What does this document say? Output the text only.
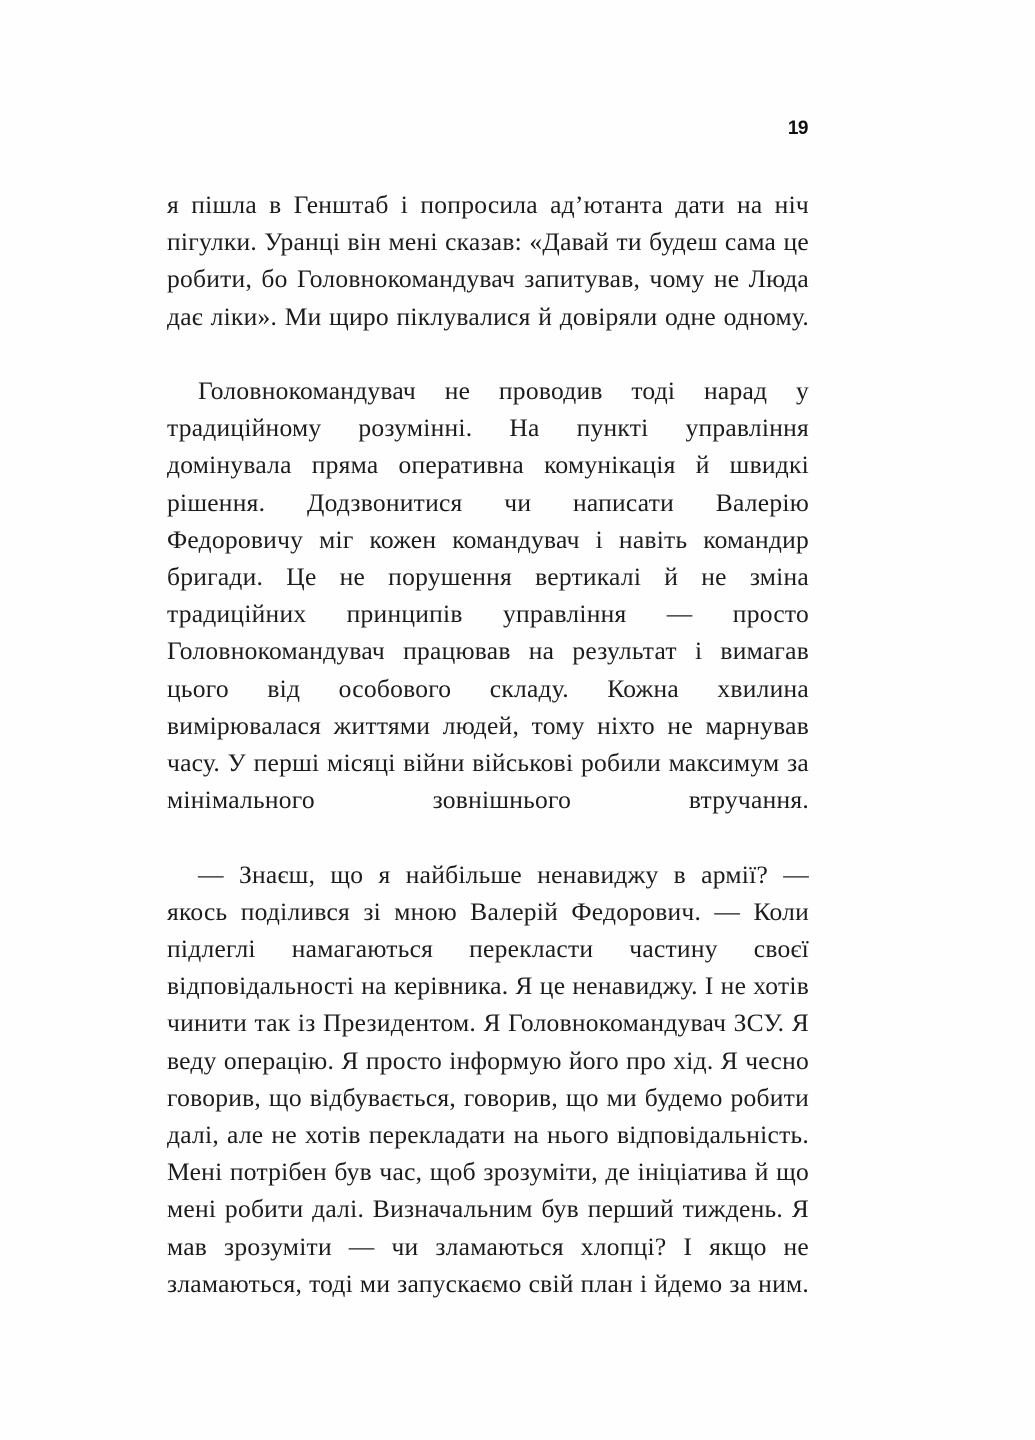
19

я пішла в Генштаб і попросила ад’ютанта дати на ніч пігулки. Уранці він мені сказав: «Давай ти будеш сама це робити, бо Головнокомандувач запитував, чому не Люда дає ліки». Ми щиро піклувалися й довіряли одне одному.

Головнокомандувач не проводив тоді нарад у традиційному розумінні. На пункті управління домінувала пряма оперативна комунікація й швидкі рішення. Додзвонитися чи написати Валерію Федоровичу міг кожен командувач і навіть командир бригади. Це не порушення вертикалі й не зміна традиційних принципів управління — просто Головнокомандувач працював на результат і вимагав цього від особового складу. Кожна хвилина вимірювалася життями людей, тому ніхто не марнував часу. У перші місяці війни військові робили максимум за мінімального зовнішнього втручання.

— Знаєш, що я найбільше ненавиджу в армії? — якось поділився зі мною Валерій Федорович. — Коли підлеглі намагаються перекласти частину своєї відповідальності на керівника. Я це ненавиджу. І не хотів чинити так із Президентом. Я Головнокомандувач ЗСУ. Я веду операцію. Я просто інформую його про хід. Я чесно говорив, що відбувається, говорив, що ми будемо робити далі, але не хотів перекладати на нього відповідальність. Мені потрібен був час, щоб зрозуміти, де ініціатива й що мені робити далі. Визначальним був перший тиждень. Я мав зрозуміти — чи зламаються хлопці? І якщо не зламаються, тоді ми запускаємо свій план і йдемо за ним.
